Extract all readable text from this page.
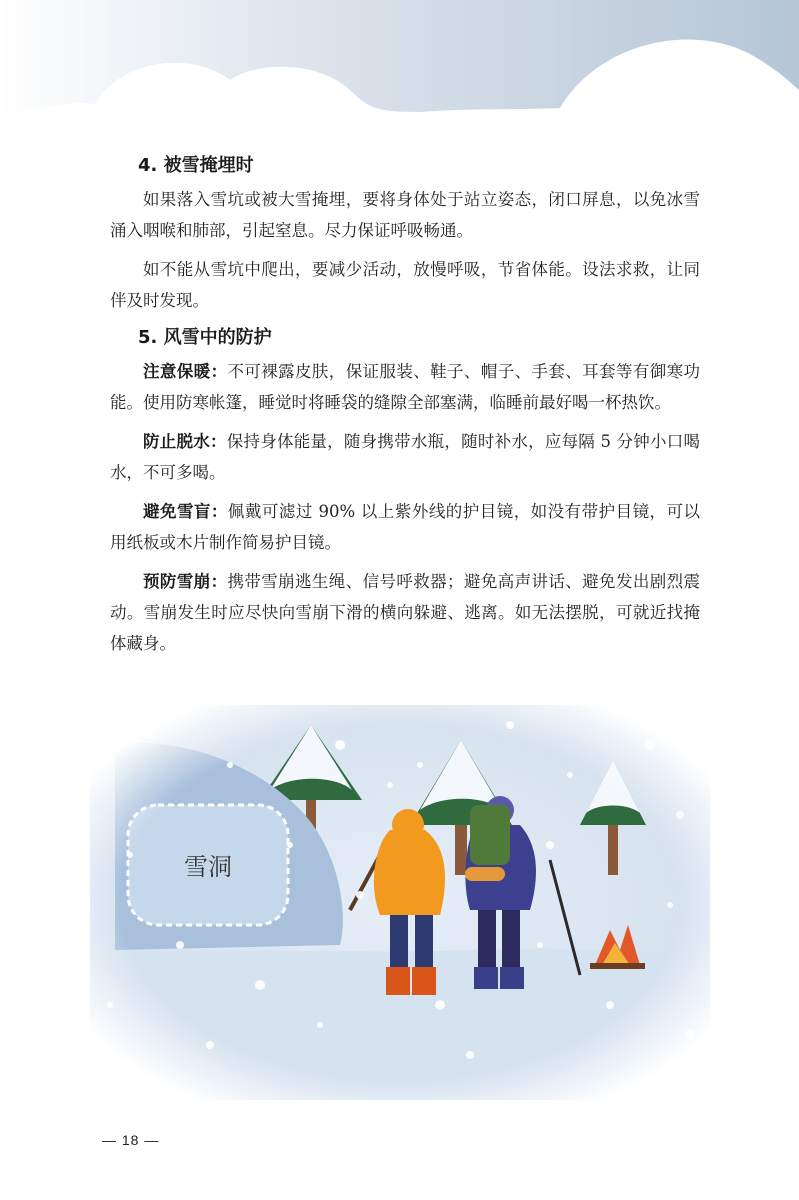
4. 被雪掩埋时

如果落入雪坑或被大雪掩埋，要将身体处于站立姿态，闭口屏息，以免冰雪涌入咽喉和肺部，引起窒息。尽力保证呼吸畅通。

如不能从雪坑中爬出，要减少活动，放慢呼吸，节省体能。设法求救，让同伴及时发现。

5. 风雪中的防护

注意保暖：不可裸露皮肤，保证服装、鞋子、帽子、手套、耳套等有御寒功能。使用防寒帐篷，睡觉时将睡袋的缝隙全部塞满，临睡前最好喝一杯热饮。

防止脱水：保持身体能量，随身携带水瓶，随时补水，应每隔 5 分钟小口喝水，不可多喝。

避免雪盲：佩戴可滤过 90% 以上紫外线的护目镜，如没有带护目镜，可以用纸板或木片制作简易护目镜。

预防雪崩：携带雪崩逃生绳、信号呼救器；避免高声讲话、避免发出剧烈震动。雪崩发生时应尽快向雪崩下滑的横向躲避、逃离。如无法摆脱，可就近找掩体藏身。

— 18 —
